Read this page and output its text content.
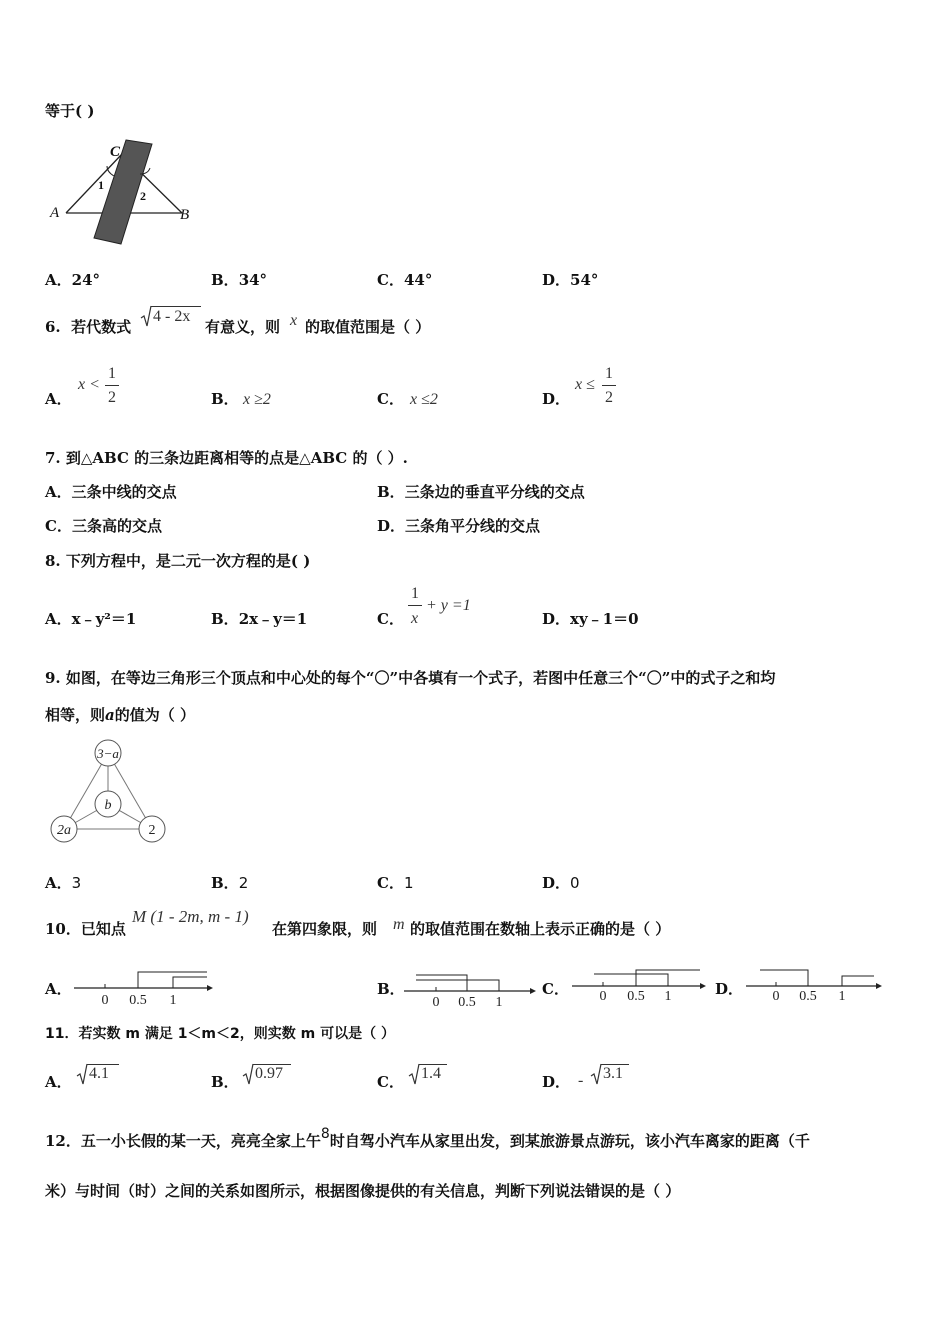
等于( )
C
A	B
1
2
A．24°	B．34°	C．44°	D．54°
6. 若代数式
4 - 2x
有意义，则 x 的取值范围是（ ）
A．
x <
1
2	B． x ≥2	C． x ≤2	D．
x ≤
1
2
7. 到△ABC 的三条边距离相等的点是△ABC 的（ ）.
A．三条中线的交点	B．三条边的垂直平分线的交点
C．三条高的交点	D．三条角平分线的交点
8. 下列方程中，是二元一次方程的是( )
A．x﹣y²＝1	B．2x﹣y＝1	C．
1
x
+ y =1
D．xy﹣1＝0
9. 如图，在等边三角形三个顶点和中心处的每个“〇”中各填有一个式子，若图中任意三个“〇”中的式子之和均
相等，则a的值为（ ）
3−a
b
2a	2
A．3	B．2	C．1	D．0
10．已知点
M (1 - 2m, m - 1)
在第四象限，则 m 的取值范围在数轴上表示正确的是（ ）
A．
0 0.5 1
B．
0 0.5 1
C． 0 0.5 1	D． 0 0.5 1
11．若实数 m 满足 1＜m＜2，则实数 m 可以是（ ）
A． 4.1	B． 0.97	C． 1.4	D． - 3.1
12．五一小长假的某一天，亮亮全家上午8时自驾小汽车从家里出发，到某旅游景点游玩，该小汽车离家的距离（千
米）与时间（时）之间的关系如图所示，根据图像提供的有关信息，判断下列说法错误的是（ ）
